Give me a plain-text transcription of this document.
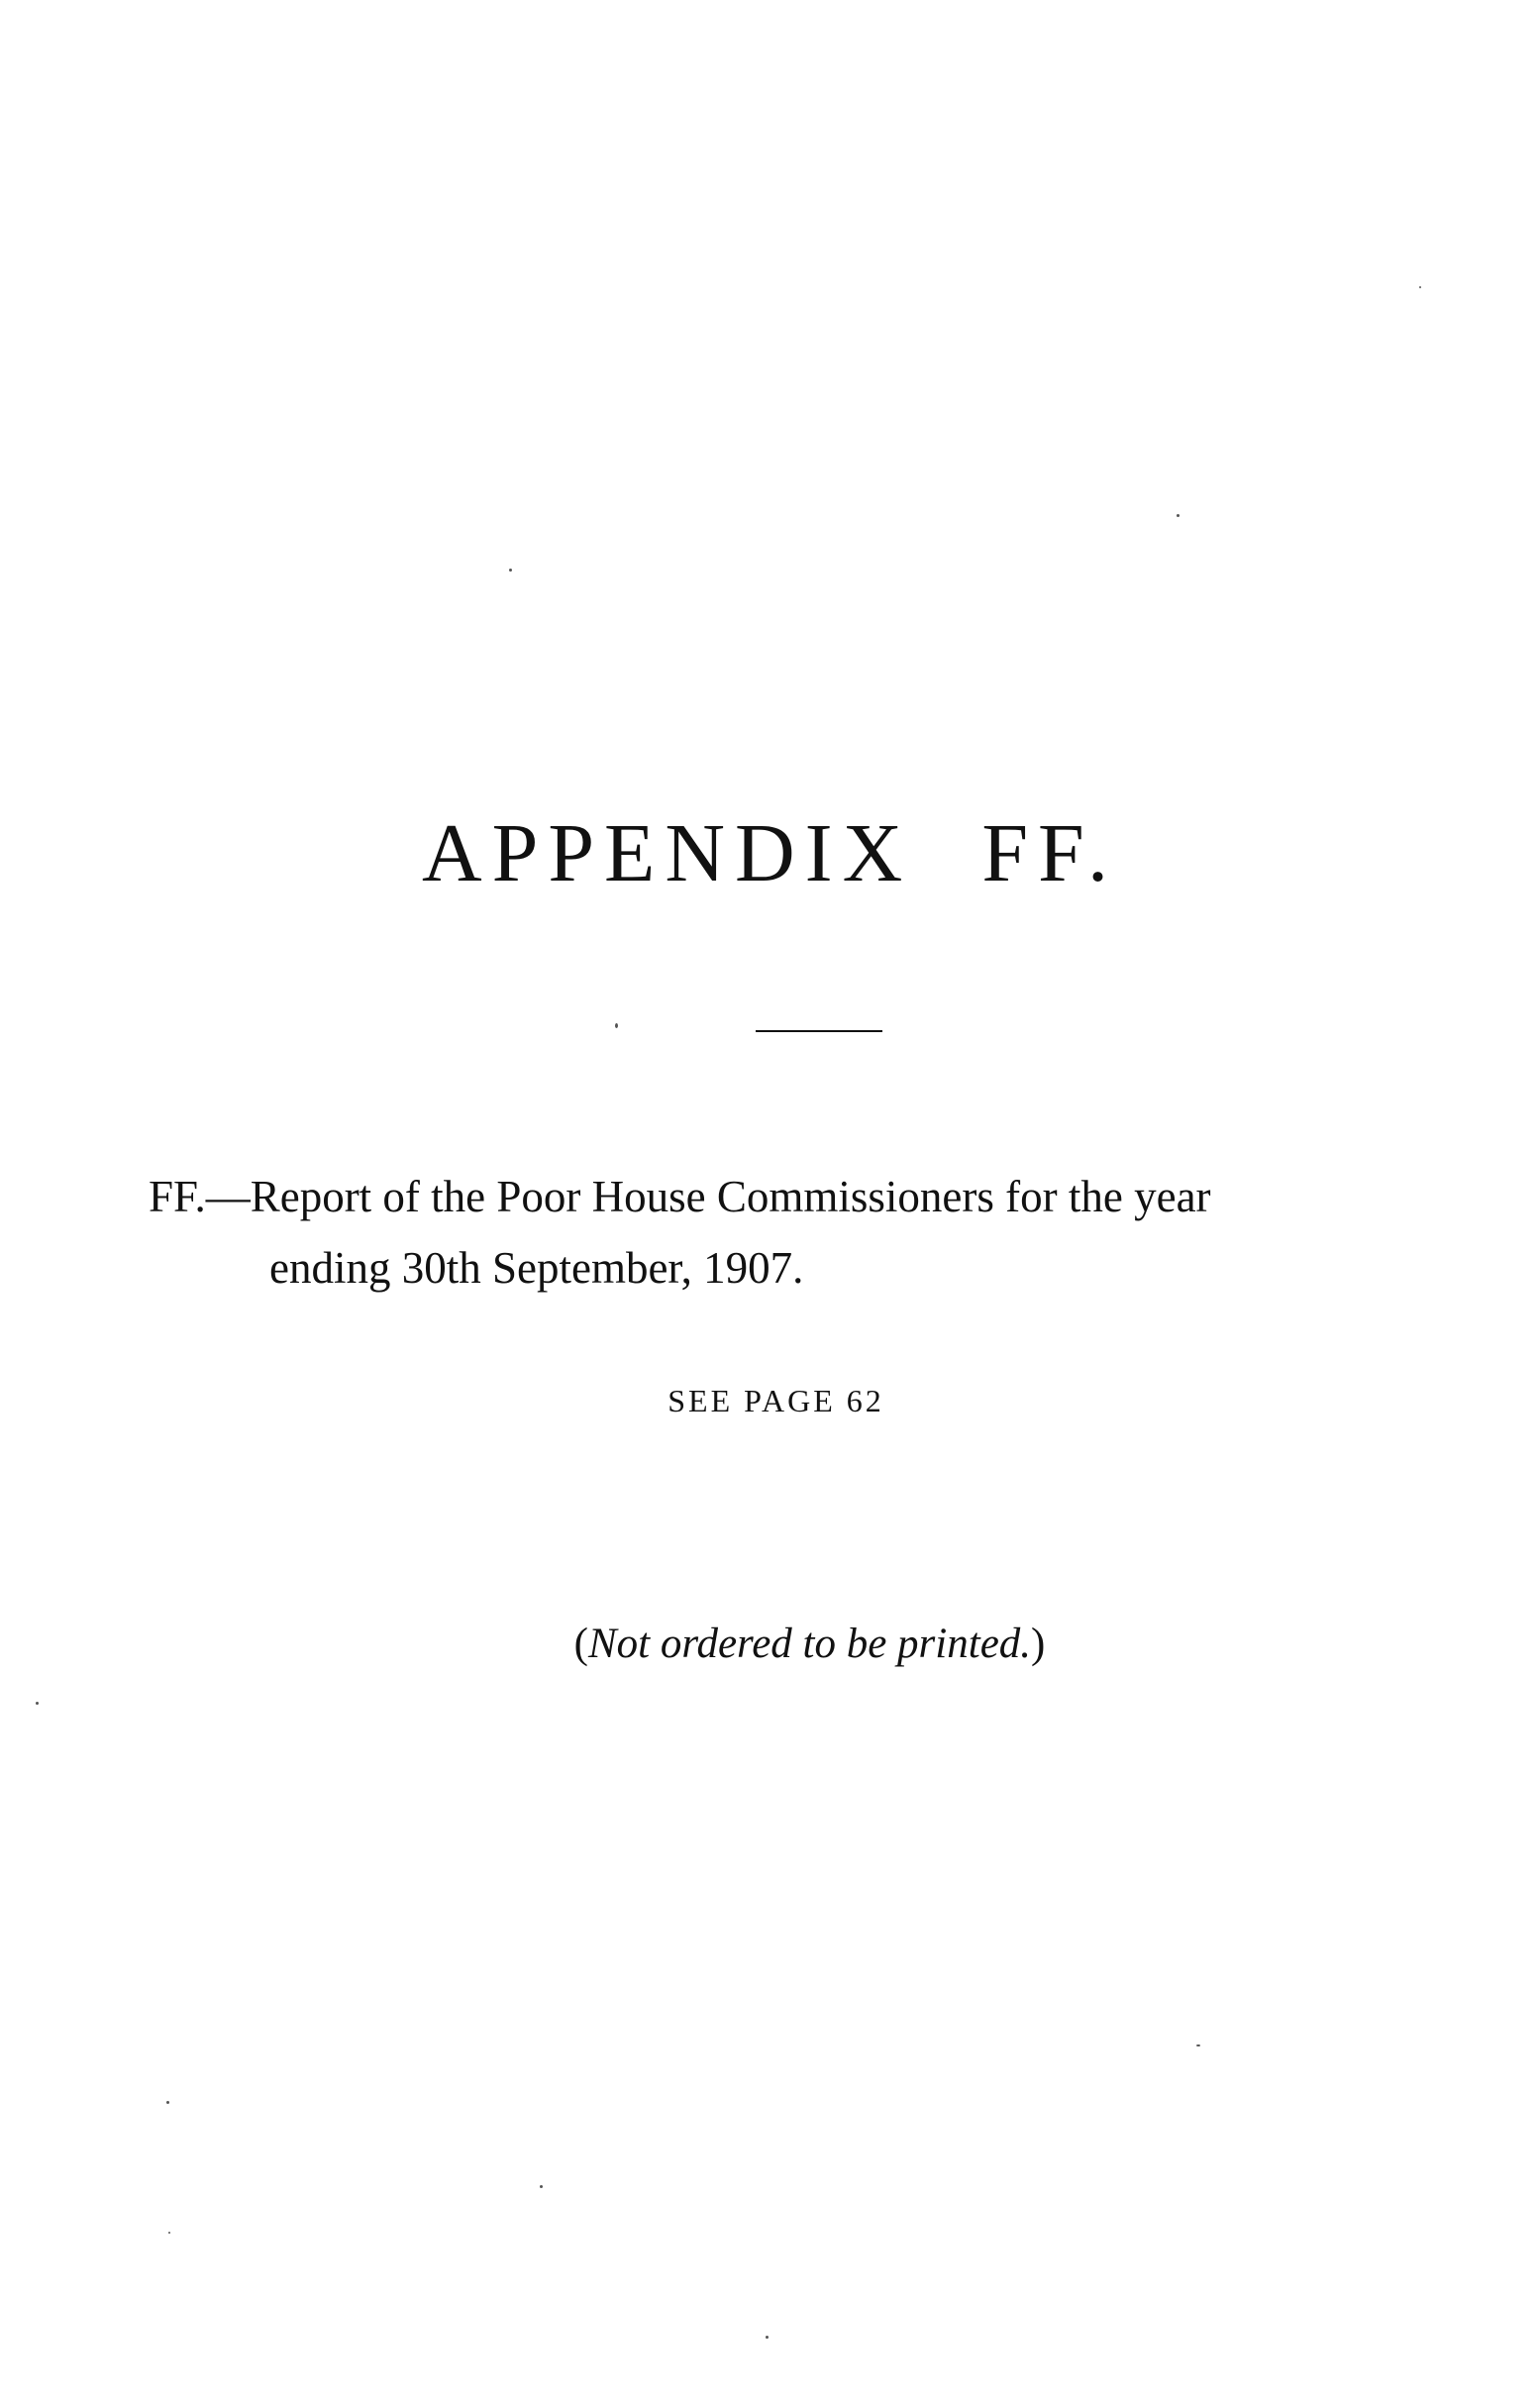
APPENDIX FF.

FF.—Report of the Poor House Commissioners for the year
ending 30th September, 1907.

SEE PAGE 62

(Not ordered to be printed.)
